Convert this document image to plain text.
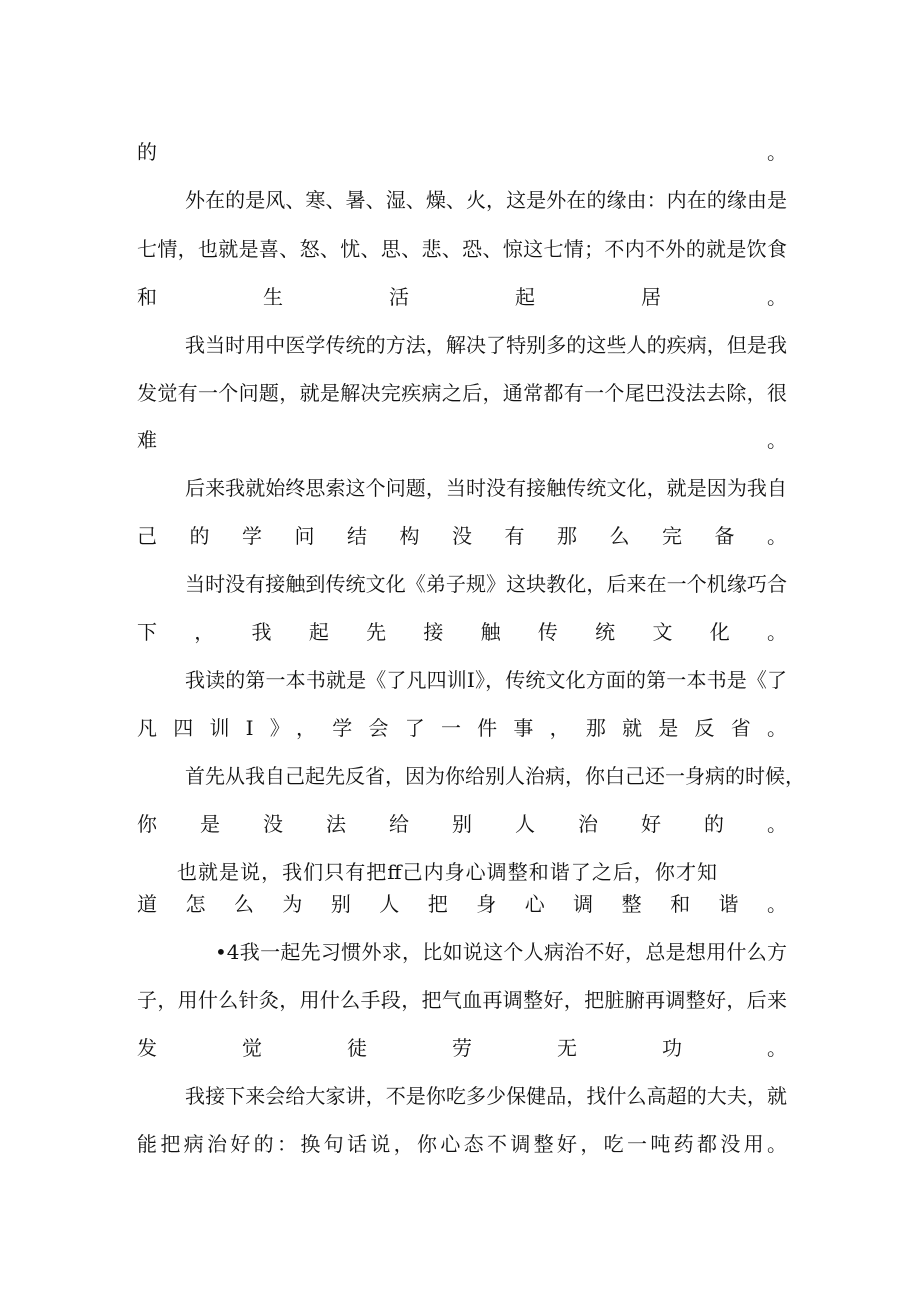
的。

外在的是风、寒、暑、湿、燥、火，这是外在的缘由：内在的缘由是

七情，也就是喜、怒、忧、思、悲、恐、惊这七情；不内不外的就是饮食

和生活起居。

我当时用中医学传统的方法，解决了特别多的这些人的疾病，但是我

发觉有一个问题，就是解决完疾病之后，通常都有一个尾巴没法去除，很

难。

后来我就始终思索这个问题，当时没有接触传统文化，就是因为我自

己的学问结构没有那么完备。

当时没有接触到传统文化《弟子规》这块教化，后来在一个机缘巧合

下，我起先接触传统文化。

我读的第一本书就是《了凡四训I》，传统文化方面的第一本书是《了

凡四训I》，学会了一件事，那就是反省。

首先从我自己起先反省，因为你给别人治病，你白己还一身病的时候，

你是没法给别人治好的。

也就是说，我们只有把ff己内身心调整和谐了之后，你才知

道怎么为别人把身心调整和谐。

•4我一起先习惯外求，比如说这个人病治不好，总是想用什么方

子，用什么针灸，用什么手段，把气血再调整好，把脏腑再调整好，后来

发觉徒劳无功。

我接下来会给大家讲，不是你吃多少保健品，找什么高超的大夫，就

能把病治好的：换句话说，你心态不调整好，吃一吨药都没用。
